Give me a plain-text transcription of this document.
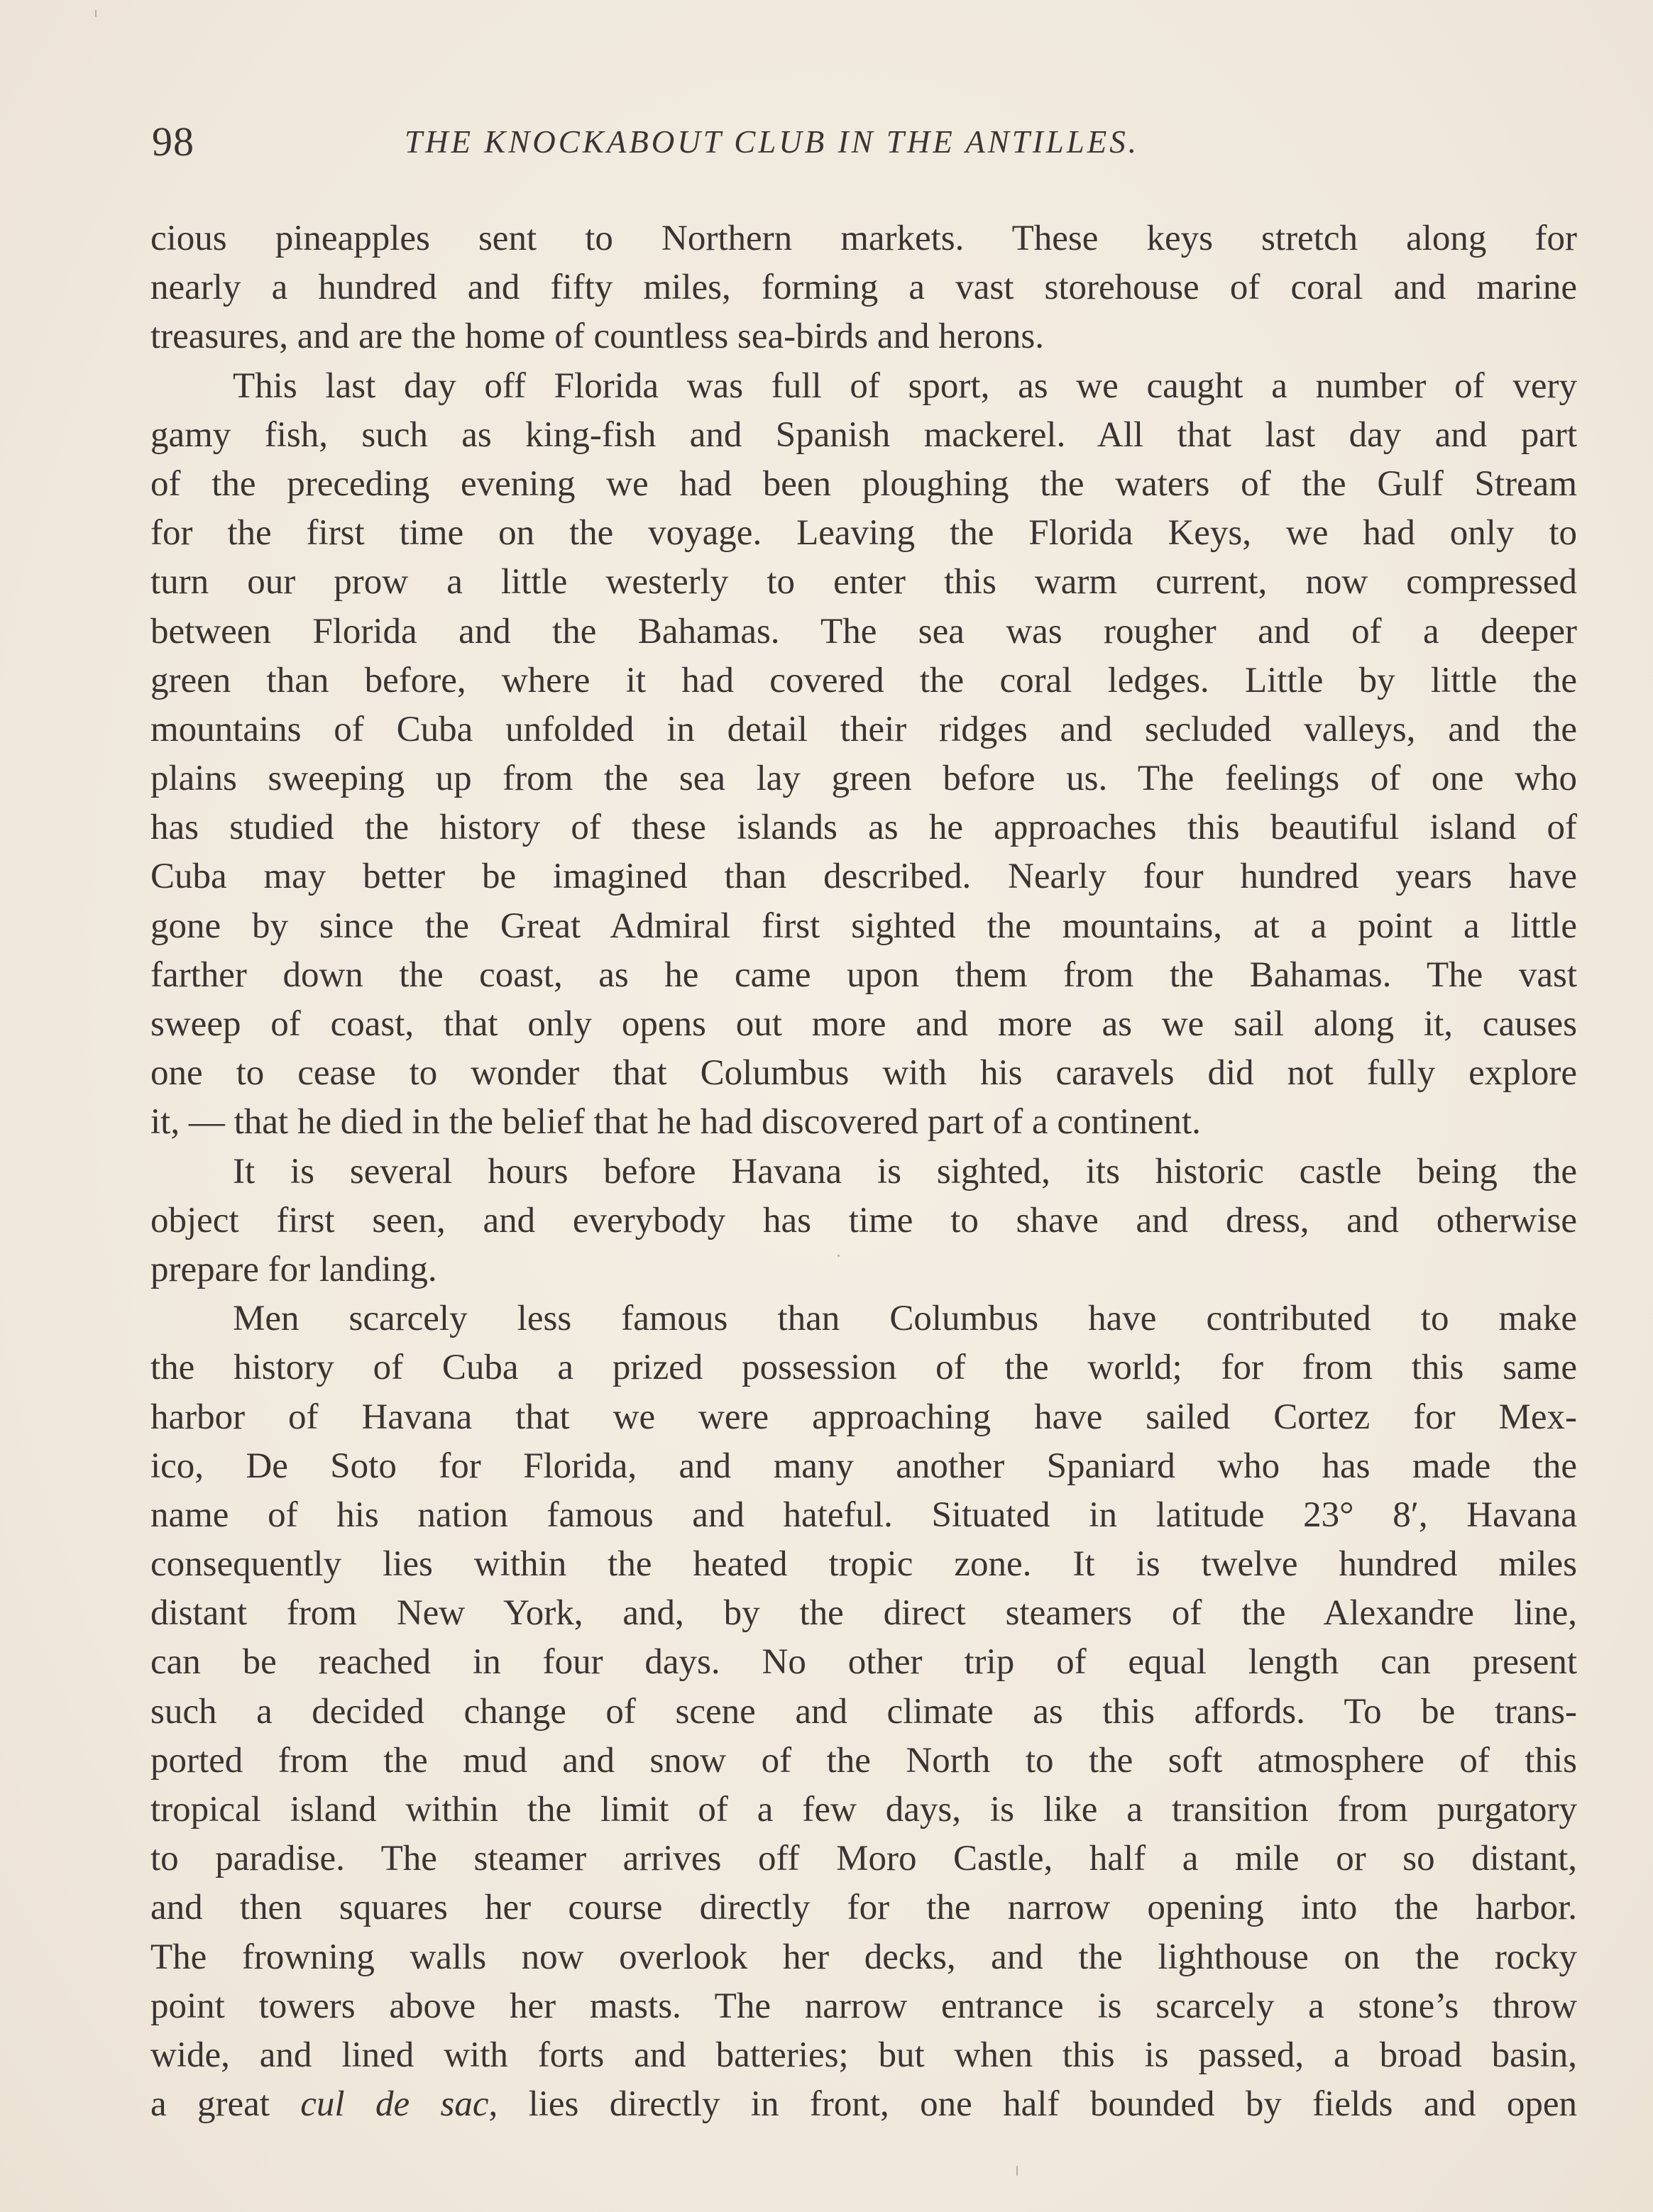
98	THE KNOCKABOUT CLUB IN THE ANTILLES.
cious pineapples sent to Northern markets. These keys stretch along for
nearly a hundred and fifty miles, forming a vast storehouse of coral and marine
treasures, and are the home of countless sea-birds and herons.
This last day off Florida was full of sport, as we caught a number of very
gamy fish, such as king-fish and Spanish mackerel. All that last day and part
of the preceding evening we had been ploughing the waters of the Gulf Stream
for the first time on the voyage. Leaving the Florida Keys, we had only to
turn our prow a little westerly to enter this warm current, now compressed
between Florida and the Bahamas. The sea was rougher and of a deeper
green than before, where it had covered the coral ledges. Little by little the
mountains of Cuba unfolded in detail their ridges and secluded valleys, and the
plains sweeping up from the sea lay green before us. The feelings of one who
has studied the history of these islands as he approaches this beautiful island of
Cuba may better be imagined than described. Nearly four hundred years have
gone by since the Great Admiral first sighted the mountains, at a point a little
farther down the coast, as he came upon them from the Bahamas. The vast
sweep of coast, that only opens out more and more as we sail along it, causes
one to cease to wonder that Columbus with his caravels did not fully explore
it, — that he died in the belief that he had discovered part of a continent.
It is several hours before Havana is sighted, its historic castle being the
object first seen, and everybody has time to shave and dress, and otherwise
prepare for landing.
Men scarcely less famous than Columbus have contributed to make
the history of Cuba a prized possession of the world; for from this same
harbor of Havana that we were approaching have sailed Cortez for Mex-
ico, De Soto for Florida, and many another Spaniard who has made the
name of his nation famous and hateful. Situated in latitude 23° 8′, Havana
consequently lies within the heated tropic zone. It is twelve hundred miles
distant from New York, and, by the direct steamers of the Alexandre line,
can be reached in four days. No other trip of equal length can present
such a decided change of scene and climate as this affords. To be trans-
ported from the mud and snow of the North to the soft atmosphere of this
tropical island within the limit of a few days, is like a transition from purgatory
to paradise. The steamer arrives off Moro Castle, half a mile or so distant,
and then squares her course directly for the narrow opening into the harbor.
The frowning walls now overlook her decks, and the lighthouse on the rocky
point towers above her masts. The narrow entrance is scarcely a stone’s throw
wide, and lined with forts and batteries; but when this is passed, a broad basin,
a great cul de sac, lies directly in front, one half bounded by fields and open
